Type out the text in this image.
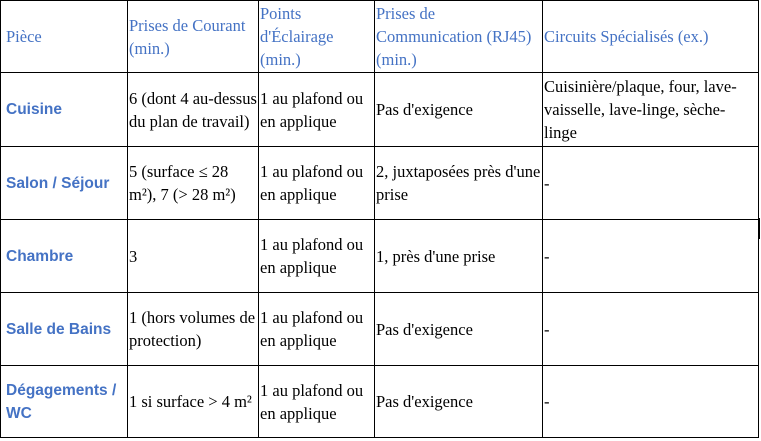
Pièce	Prises de Courant (min.)	Points d'Éclairage (min.)	Prises de Communication (RJ45) (min.)	Circuits Spécialisés (ex.)
Cuisine	6 (dont 4 au-dessus du plan de travail)	1 au plafond ou en applique	Pas d'exigence	Cuisinière/plaque, four, lave-vaisselle, lave-linge, sèche-linge
Salon / Séjour	5 (surface ≤ 28 m²), 7 (> 28 m²)	1 au plafond ou en applique	2, juxtaposées près d'une prise	-
Chambre	3	1 au plafond ou en applique	1, près d'une prise	-
Salle de Bains	1 (hors volumes de protection)	1 au plafond ou en applique	Pas d'exigence	-
Dégagements / WC	1 si surface > 4 m²	1 au plafond ou en applique	Pas d'exigence	-
